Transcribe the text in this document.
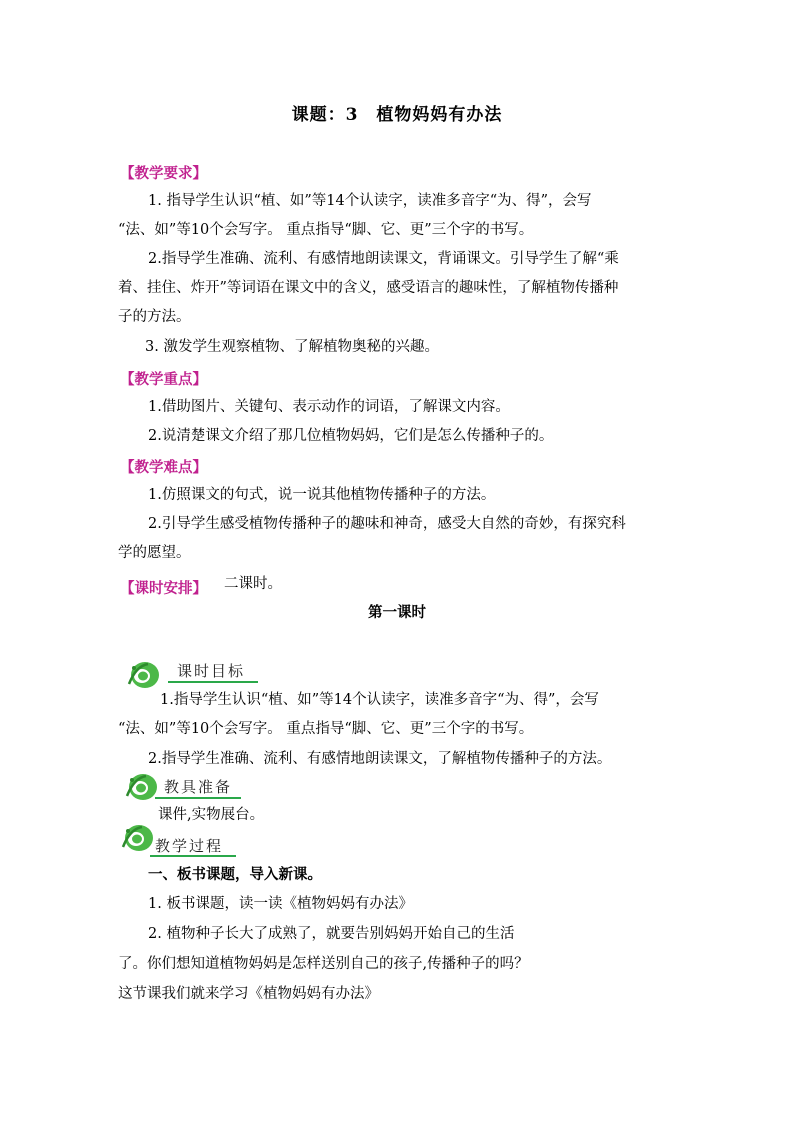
课题：3　植物妈妈有办法
【教学要求】
1. 指导学生认识“植、如”等14个认读字，读准多音字“为、得”，会写
“法、如”等10个会写字。 重点指导“脚、它、更”三个字的书写。
2.指导学生准确、流利、有感情地朗读课文，背诵课文。引导学生了解“乘
着、挂住、炸开”等词语在课文中的含义，感受语言的趣味性，了解植物传播种
子的方法。
3. 激发学生观察植物、了解植物奥秘的兴趣。
【教学重点】
1.借助图片、关键句、表示动作的词语，了解课文内容。
2.说清楚课文介绍了那几位植物妈妈，它们是怎么传播种子的。
【教学难点】
1.仿照课文的句式，说一说其他植物传播种子的方法。
2.引导学生感受植物传播种子的趣味和神奇，感受大自然的奇妙，有探究科
学的愿望。
【课时安排】 二课时。
第一课时
课时目标
1.指导学生认识“植、如”等14个认读字，读准多音字“为、得”，会写
“法、如”等10个会写字。 重点指导“脚、它、更”三个字的书写。
2.指导学生准确、流利、有感情地朗读课文，了解植物传播种子的方法。
教具准备
课件,实物展台。
教学过程
一、板书课题，导入新课。
1. 板书课题，读一读《植物妈妈有办法》
2. 植物种子长大了成熟了，就要告别妈妈开始自己的生活
了。你们想知道植物妈妈是怎样送别自己的孩子,传播种子的吗？
这节课我们就来学习《植物妈妈有办法》
